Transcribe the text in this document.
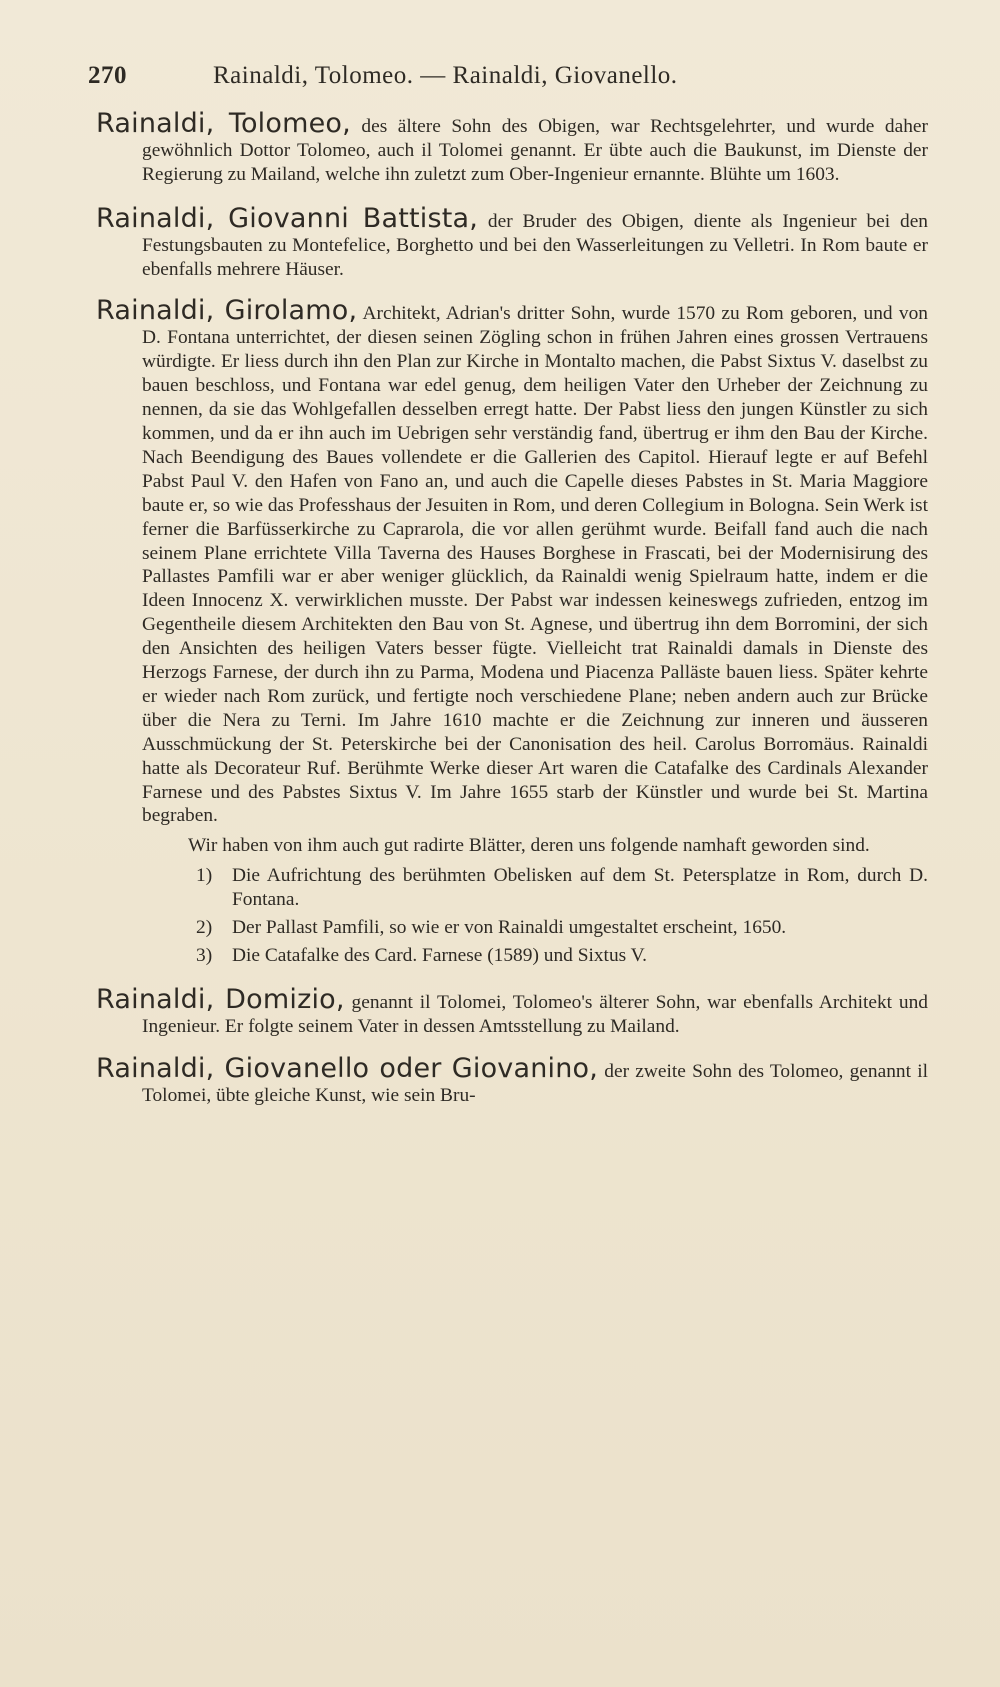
270	Rainaldi, Tolomeo. — Rainaldi, Giovanello.

Rainaldi, Tolomeo, des ältere Sohn des Obigen, war Rechtsgelehrter, und wurde daher gewöhnlich Dottor Tolomeo, auch il Tolomei genannt. Er übte auch die Baukunst, im Dienste der Regierung zu Mailand, welche ihn zuletzt zum Ober-Ingenieur ernannte. Blühte um 1603.

Rainaldi, Giovanni Battista, der Bruder des Obigen, diente als Ingenieur bei den Festungsbauten zu Montefelice, Borghetto und bei den Wasserleitungen zu Velletri. In Rom baute er ebenfalls mehrere Häuser.

Rainaldi, Girolamo, Architekt, Adrian's dritter Sohn, wurde 1570 zu Rom geboren, und von D. Fontana unterrichtet, der diesen seinen Zögling schon in frühen Jahren eines grossen Vertrauens würdigte. Er liess durch ihn den Plan zur Kirche in Montalto machen, die Pabst Sixtus V. daselbst zu bauen beschloss, und Fontana war edel genug, dem heiligen Vater den Urheber der Zeichnung zu nennen, da sie das Wohlgefallen desselben erregt hatte. Der Pabst liess den jungen Künstler zu sich kommen, und da er ihn auch im Uebrigen sehr verständig fand, übertrug er ihm den Bau der Kirche. Nach Beendigung des Baues vollendete er die Gallerien des Capitol. Hierauf legte er auf Befehl Pabst Paul V. den Hafen von Fano an, und auch die Capelle dieses Pabstes in St. Maria Maggiore baute er, so wie das Professhaus der Jesuiten in Rom, und deren Collegium in Bologna. Sein Werk ist ferner die Barfüsserkirche zu Caprarola, die vor allen gerühmt wurde. Beifall fand auch die nach seinem Plane errichtete Villa Taverna des Hauses Borghese in Frascati, bei der Modernisirung des Pallastes Pamfili war er aber weniger glücklich, da Rainaldi wenig Spielraum hatte, indem er die Ideen Innocenz X. verwirklichen musste. Der Pabst war indessen keineswegs zufrieden, entzog im Gegentheile diesem Architekten den Bau von St. Agnese, und übertrug ihn dem Borromini, der sich den Ansichten des heiligen Vaters besser fügte. Vielleicht trat Rainaldi damals in Dienste des Herzogs Farnese, der durch ihn zu Parma, Modena und Piacenza Palläste bauen liess. Später kehrte er wieder nach Rom zurück, und fertigte noch verschiedene Plane; neben andern auch zur Brücke über die Nera zu Terni. Im Jahre 1610 machte er die Zeichnung zur inneren und äusseren Ausschmückung der St. Peterskirche bei der Canonisation des heil. Carolus Borromäus. Rainaldi hatte als Decorateur Ruf. Berühmte Werke dieser Art waren die Catafalke des Cardinals Alexander Farnese und des Pabstes Sixtus V. Im Jahre 1655 starb der Künstler und wurde bei St. Martina begraben.

Wir haben von ihm auch gut radirte Blätter, deren uns folgende namhaft geworden sind.

1) Die Aufrichtung des berühmten Obelisken auf dem St. Petersplatze in Rom, durch D. Fontana.
2) Der Pallast Pamfili, so wie er von Rainaldi umgestaltet erscheint, 1650.
3) Die Catafalke des Card. Farnese (1589) und Sixtus V.

Rainaldi, Domizio, genannt il Tolomei, Tolomeo's älterer Sohn, war ebenfalls Architekt und Ingenieur. Er folgte seinem Vater in dessen Amtsstellung zu Mailand.

Rainaldi, Giovanello oder Giovanino, der zweite Sohn des Tolomeo, genannt il Tolomei, übte gleiche Kunst, wie sein Bru-
